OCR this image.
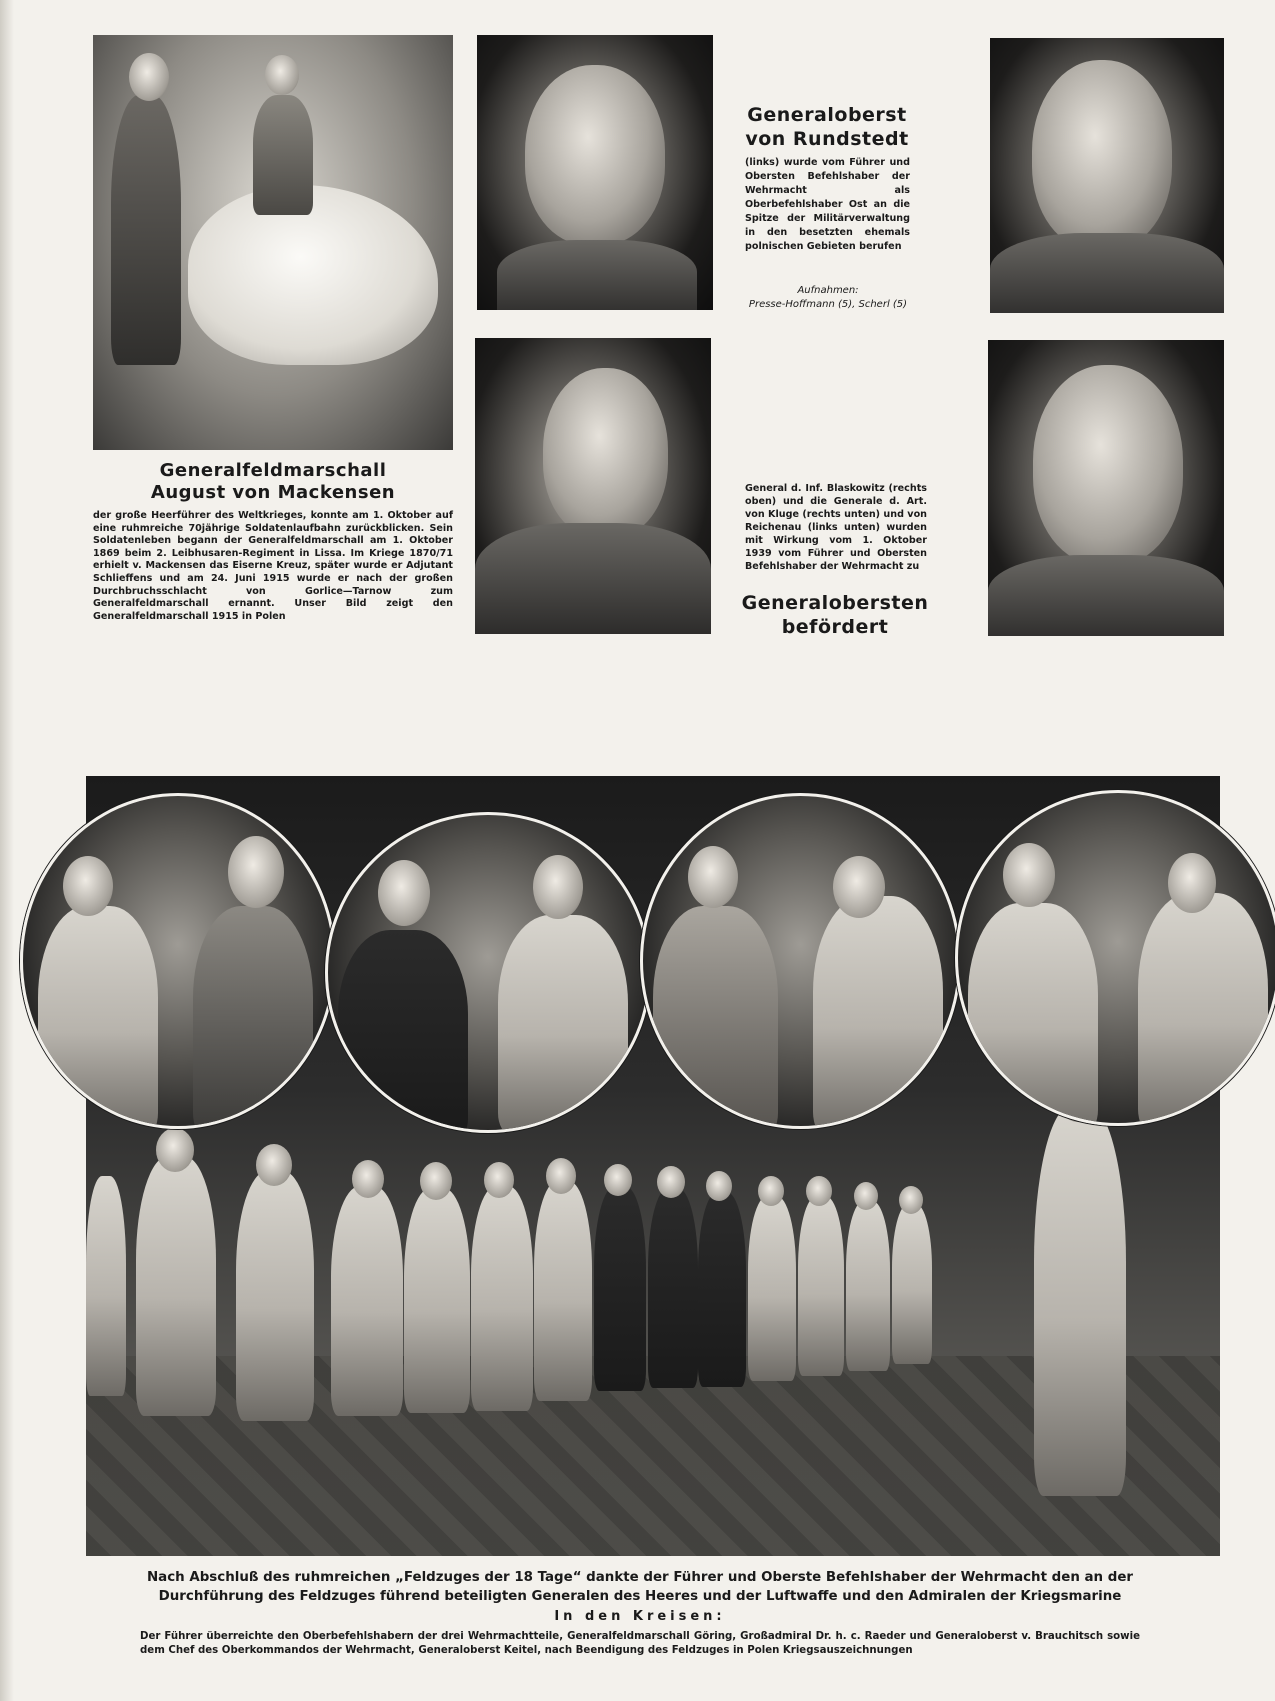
Generalfeldmarschall
August von Mackensen
der große Heerführer des Weltkrieges, konnte am 1. Oktober auf eine ruhmreiche 70jährige Soldatenlaufbahn zurückblicken. Sein Soldatenleben begann der Generalfeldmarschall am 1. Oktober 1869 beim 2. Leibhusaren-Regiment in Lissa. Im Kriege 1870/71 erhielt v. Mackensen das Eiserne Kreuz, später wurde er Adjutant Schlieffens und am 24. Juni 1915 wurde er nach der großen Durchbruchsschlacht von Gorlice—Tarnow zum Generalfeldmarschall ernannt. Unser Bild zeigt den Generalfeldmarschall 1915 in Polen
Generaloberst
von Rundstedt
(links) wurde vom Führer und Obersten Befehlshaber der Wehrmacht als Oberbefehlshaber Ost an die Spitze der Militärverwaltung in den besetzten ehemals polnischen Gebieten berufen
Aufnahmen:
Presse-Hoffmann (5), Scherl (5)
General d. Inf. Blaskowitz (rechts oben) und die Generale d. Art. von Kluge (rechts unten) und von Reichenau (links unten) wurden mit Wirkung vom 1. Oktober 1939 vom Führer und Obersten Befehlshaber der Wehrmacht zu
Generalobersten
befördert
Nach Abschluß des ruhmreichen „Feldzuges der 18 Tage“ dankte der Führer und Oberste Befehlshaber der Wehrmacht den an der Durchführung des Feldzuges führend beteiligten Generalen des Heeres und der Luftwaffe und den Admiralen der Kriegsmarine
In den Kreisen:
Der Führer überreichte den Oberbefehlshabern der drei Wehrmachtteile, Generalfeldmarschall Göring, Großadmiral Dr. h. c. Raeder und Generaloberst v. Brauchitsch sowie dem Chef des Oberkommandos der Wehrmacht, Generaloberst Keitel, nach Beendigung des Feldzuges in Polen Kriegsauszeichnungen
